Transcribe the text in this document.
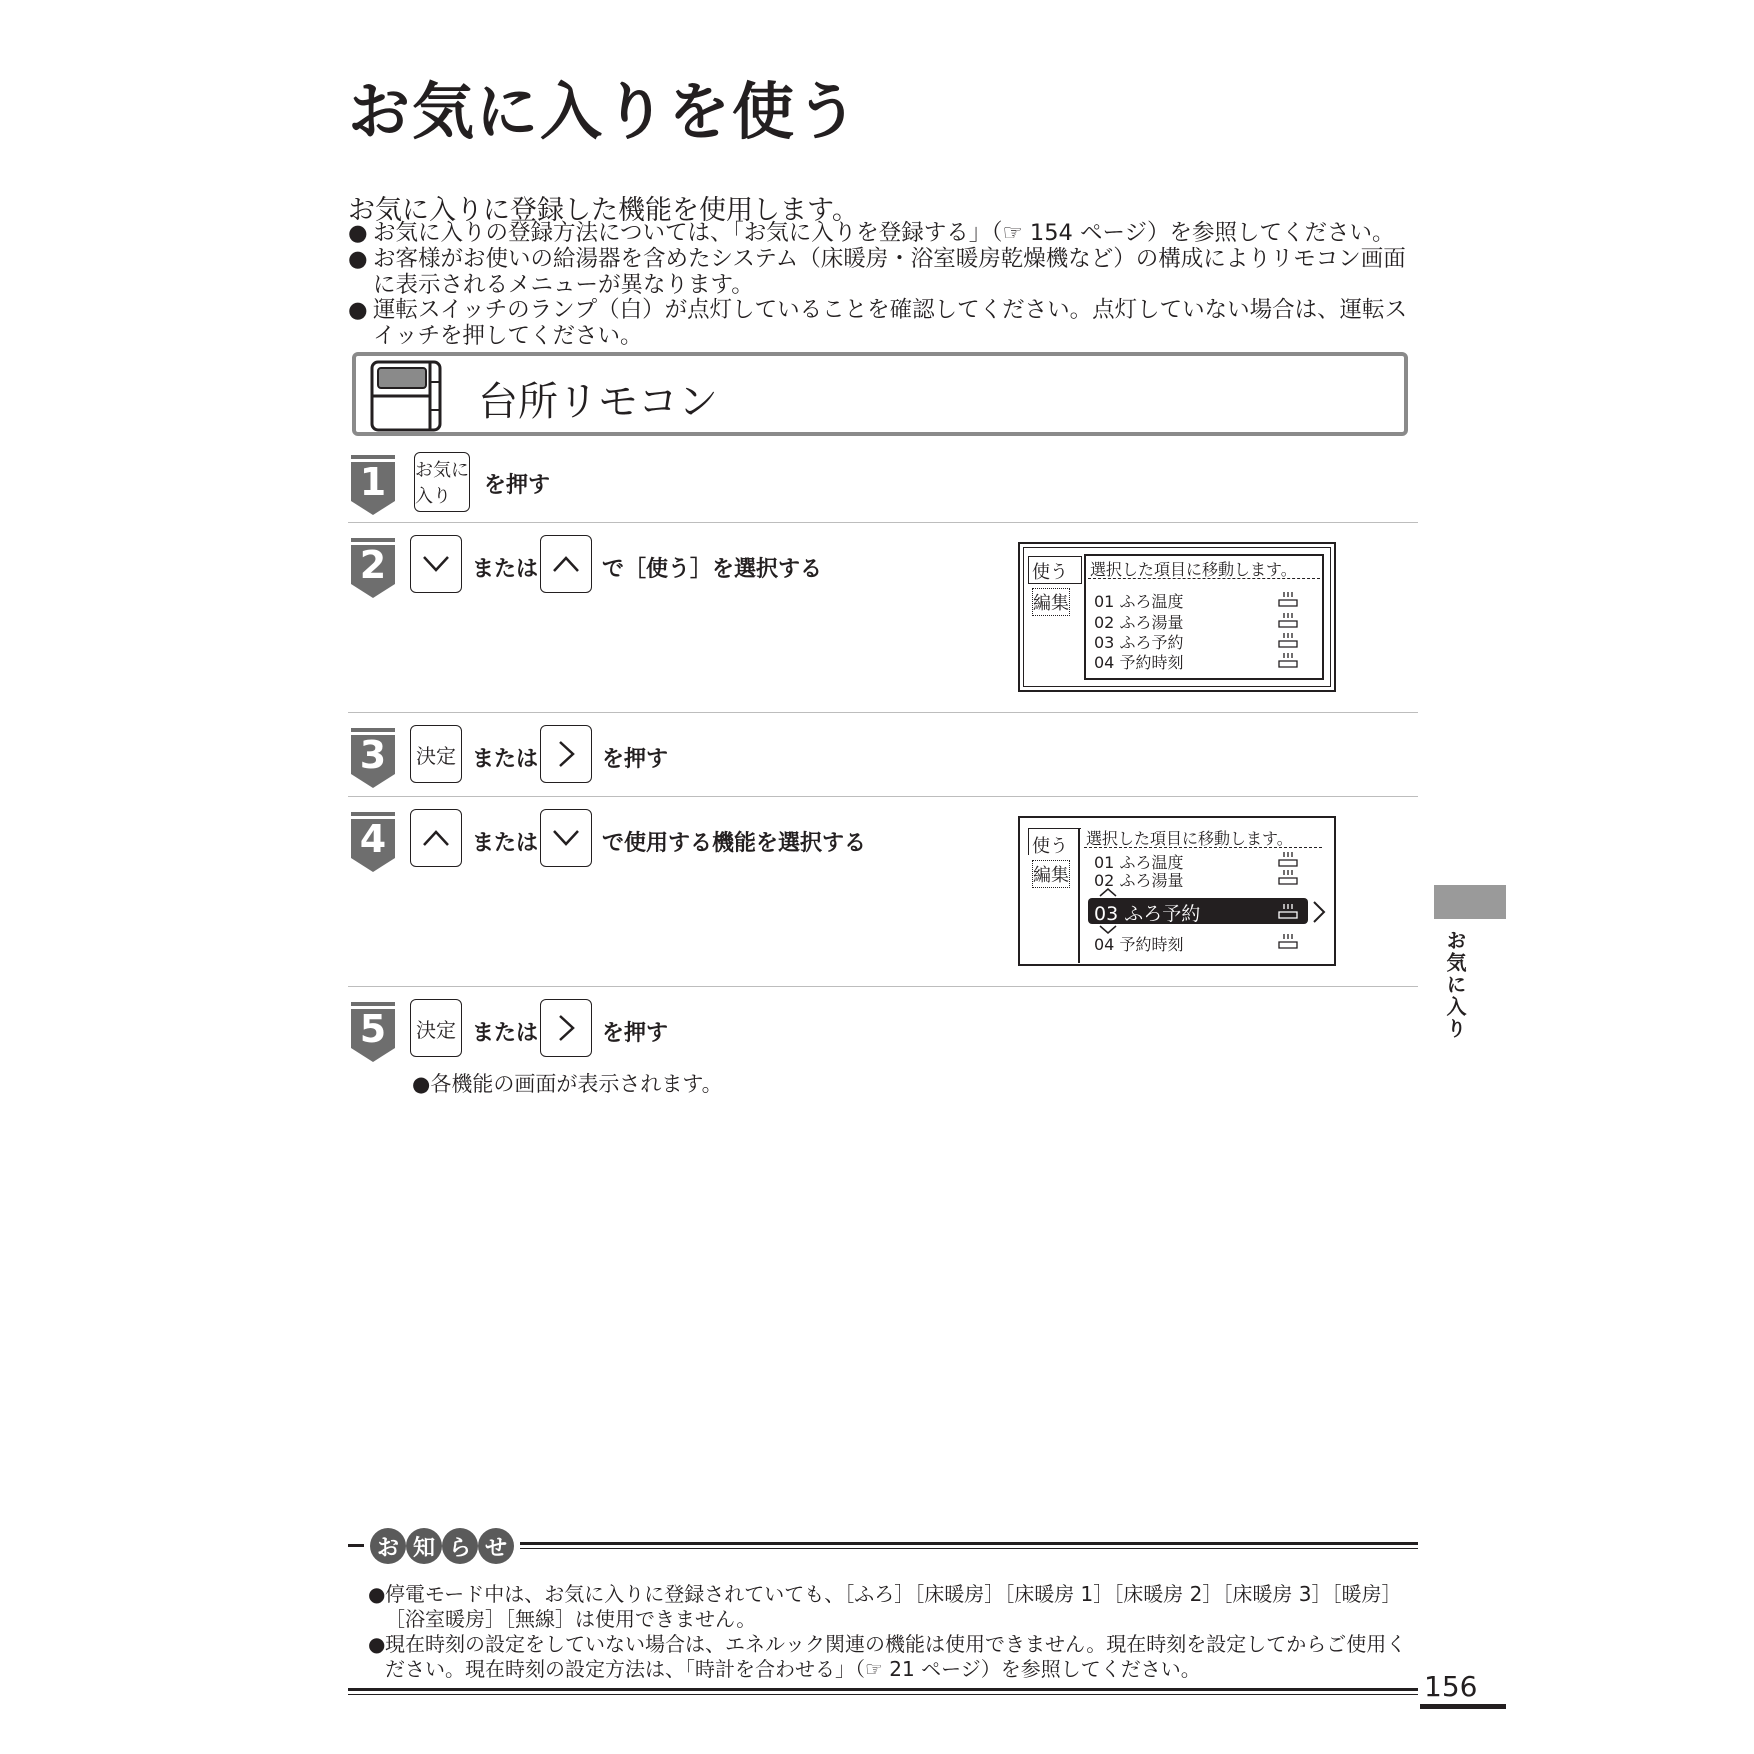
お気に入りを使う
お気に入りに登録した機能を使用します。
● お気に入りの登録方法については、「お気に入りを登録する」（☞ 154 ページ）を参照してください。
● お客様がお使いの給湯器を含めたシステム（床暖房・浴室暖房乾燥機など）の構成によりリモコン画面に表示されるメニューが異なります。
● 運転スイッチのランプ（白）が点灯していることを確認してください。点灯していない場合は、運転スイッチを押してください。
台所リモコン
1 お気に入り	を押す
2	または	で［使う］を選択する	使う
編集
選択した項目に移動します。
01 ふろ温度
02 ふろ湯量
03 ふろ予約
04 予約時刻
3	決定 または	を押す
4	または	で使用する機能を選択する	使う
編集
選択した項目に移動します。
01 ふろ温度
02 ふろ湯量
03 ふろ予約
04 予約時刻
5	決定 または	を押す
●各機能の画面が表示されます。
お気に入り
お 知 ら せ
● 停電モード中は、お気に入りに登録されていても、［ふろ］［床暖房］［床暖房 1］［床暖房 2］［床暖房 3］［暖房］［浴室暖房］［無線］は使用できません。
● 現在時刻の設定をしていない場合は、エネルック関連の機能は使用できません。現在時刻を設定してからご使用ください。現在時刻の設定方法は、「時計を合わせる」（☞ 21 ページ）を参照してください。
156
